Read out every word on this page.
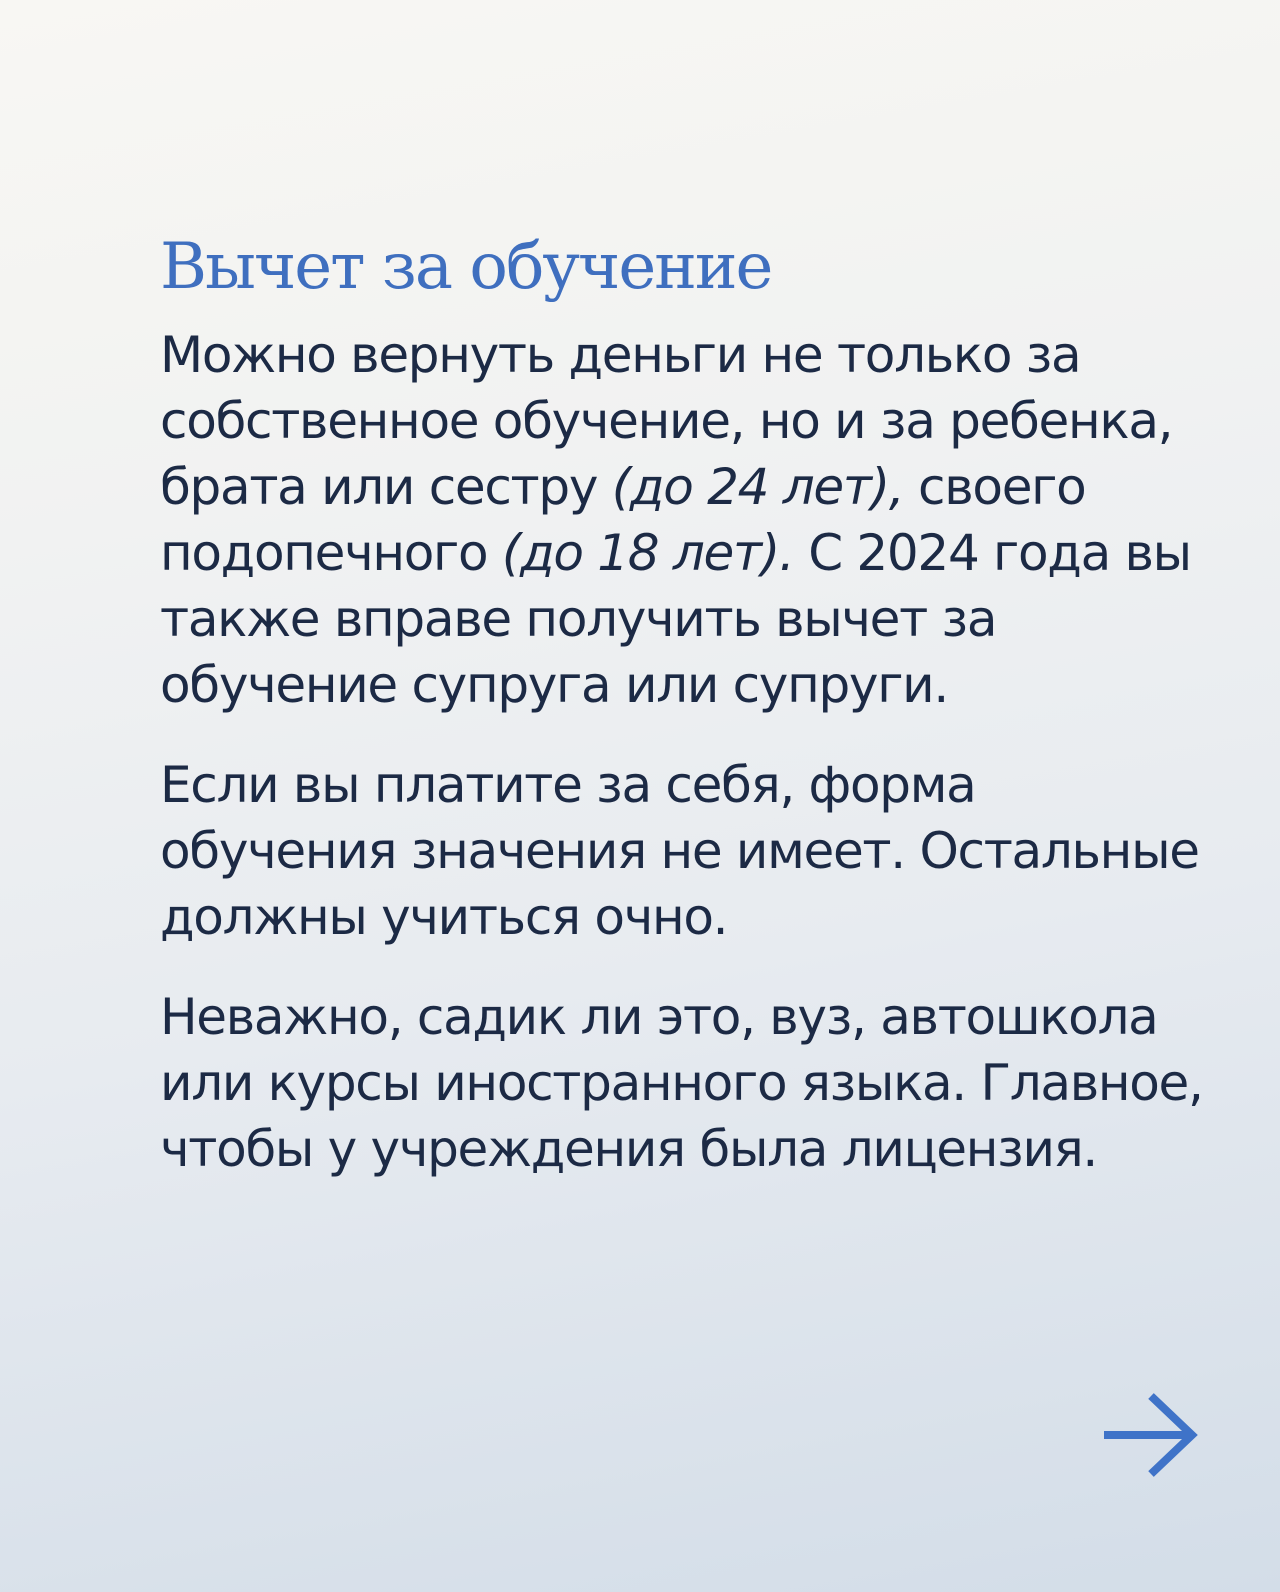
Вычет за обучение

Можно вернуть деньги не только за собственное обучение, но и за ребенка, брата или сестру (до 24 лет), своего подопечного (до 18 лет). С 2024 года вы также вправе получить вычет за обучение супруга или супруги.

Если вы платите за себя, форма обучения значения не имеет. Остальные должны учиться очно.

Неважно, садик ли это, вуз, автошкола или курсы иностранного языка. Главное, чтобы у учреждения была лицензия.
